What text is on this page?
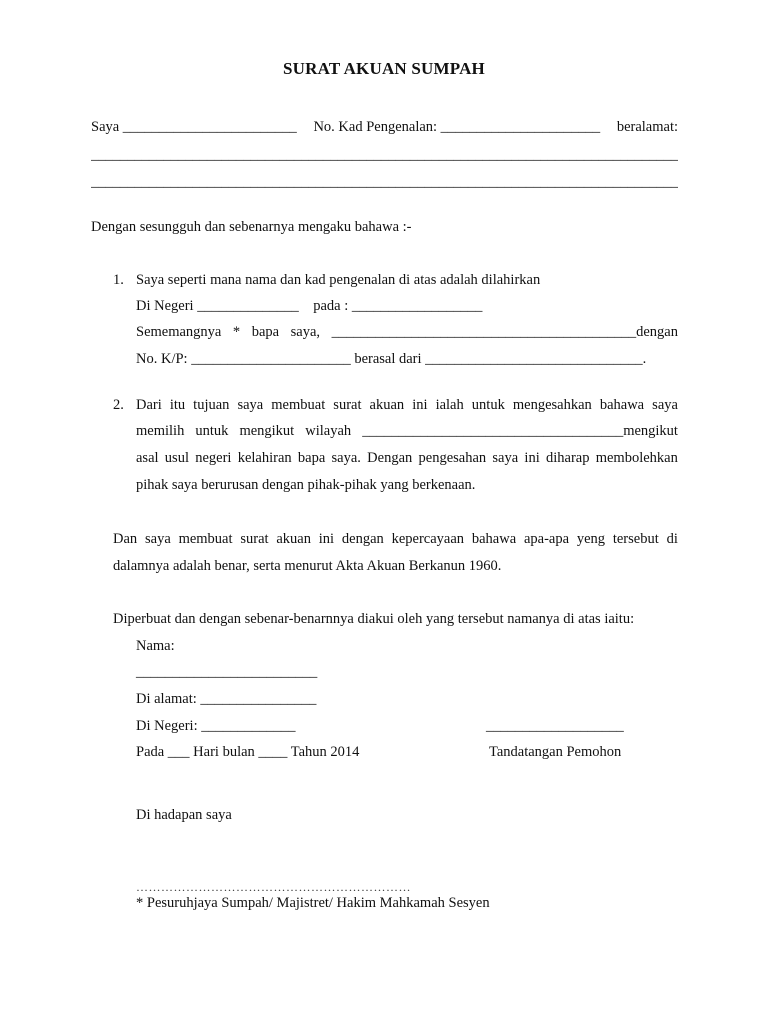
SURAT AKUAN SUMPAH
Saya ________________________ No. Kad Pengenalan: ______________________ beralamat:
_________________________________________________________________________________
_________________________________________________________________________________
Dengan sesungguh dan sebenarnya mengaku bahawa :-
1. Saya seperti mana nama dan kad pengenalan di atas adalah dilahirkan
Di Negeri ______________    pada : __________________
Sememangnya * bapa saya, __________________________________________dengan
No. K/P: ______________________ berasal dari ______________________________.
2. Dari itu tujuan saya membuat surat akuan ini ialah untuk mengesahkan bahawa saya
memilih untuk mengikut wilayah ____________________________________mengikut
asal usul negeri kelahiran bapa saya. Dengan pengesahan saya ini diharap membolehkan
pihak saya berurusan dengan pihak-pihak yang berkenaan.
Dan saya membuat surat akuan ini dengan kepercayaan bahawa apa-apa yeng tersebut di
dalamnya adalah benar, serta menurut Akta Akuan Berkanun 1960.
Diperbuat dan dengan sebenar-benarnnya diakui oleh yang tersebut namanya di atas iaitu:
Nama:
_________________________
Di alamat: ________________
Di Negeri: _____________	___________________
Pada ___ Hari bulan ____ Tahun 2014	Tandatangan Pemohon
Di hadapan saya
…………………………………………………………
* Pesuruhjaya Sumpah/ Majistret/ Hakim Mahkamah Sesyen
